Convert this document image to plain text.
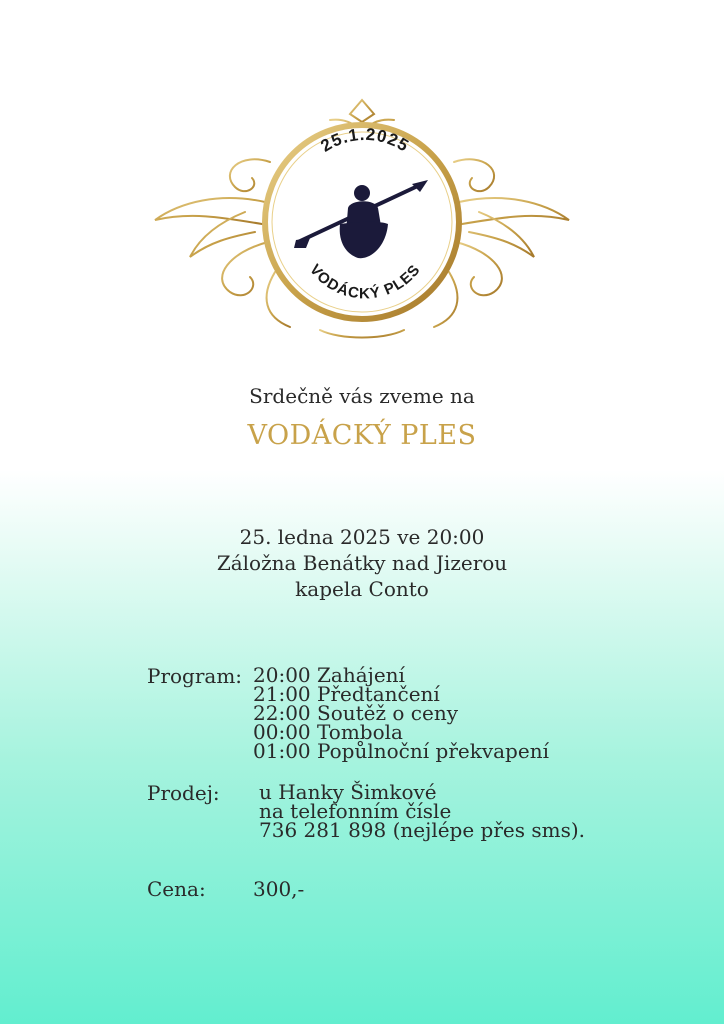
25.1.2025
VODÁCKÝ PLES
Srdečně vás zveme na
VODÁCKÝ PLES
25. ledna 2025 ve 20:00
Záložna Benátky nad Jizerou
kapela Conto
Program: 20:00 Zahájení
21:00 Předtančení
22:00 Soutěž o ceny
00:00 Tombola
01:00 Popůlnoční překvapení
Prodej: u Hanky Šimkové
na telefonním čísle
736 281 898 (nejlépe přes sms).
Cena: 300,-
